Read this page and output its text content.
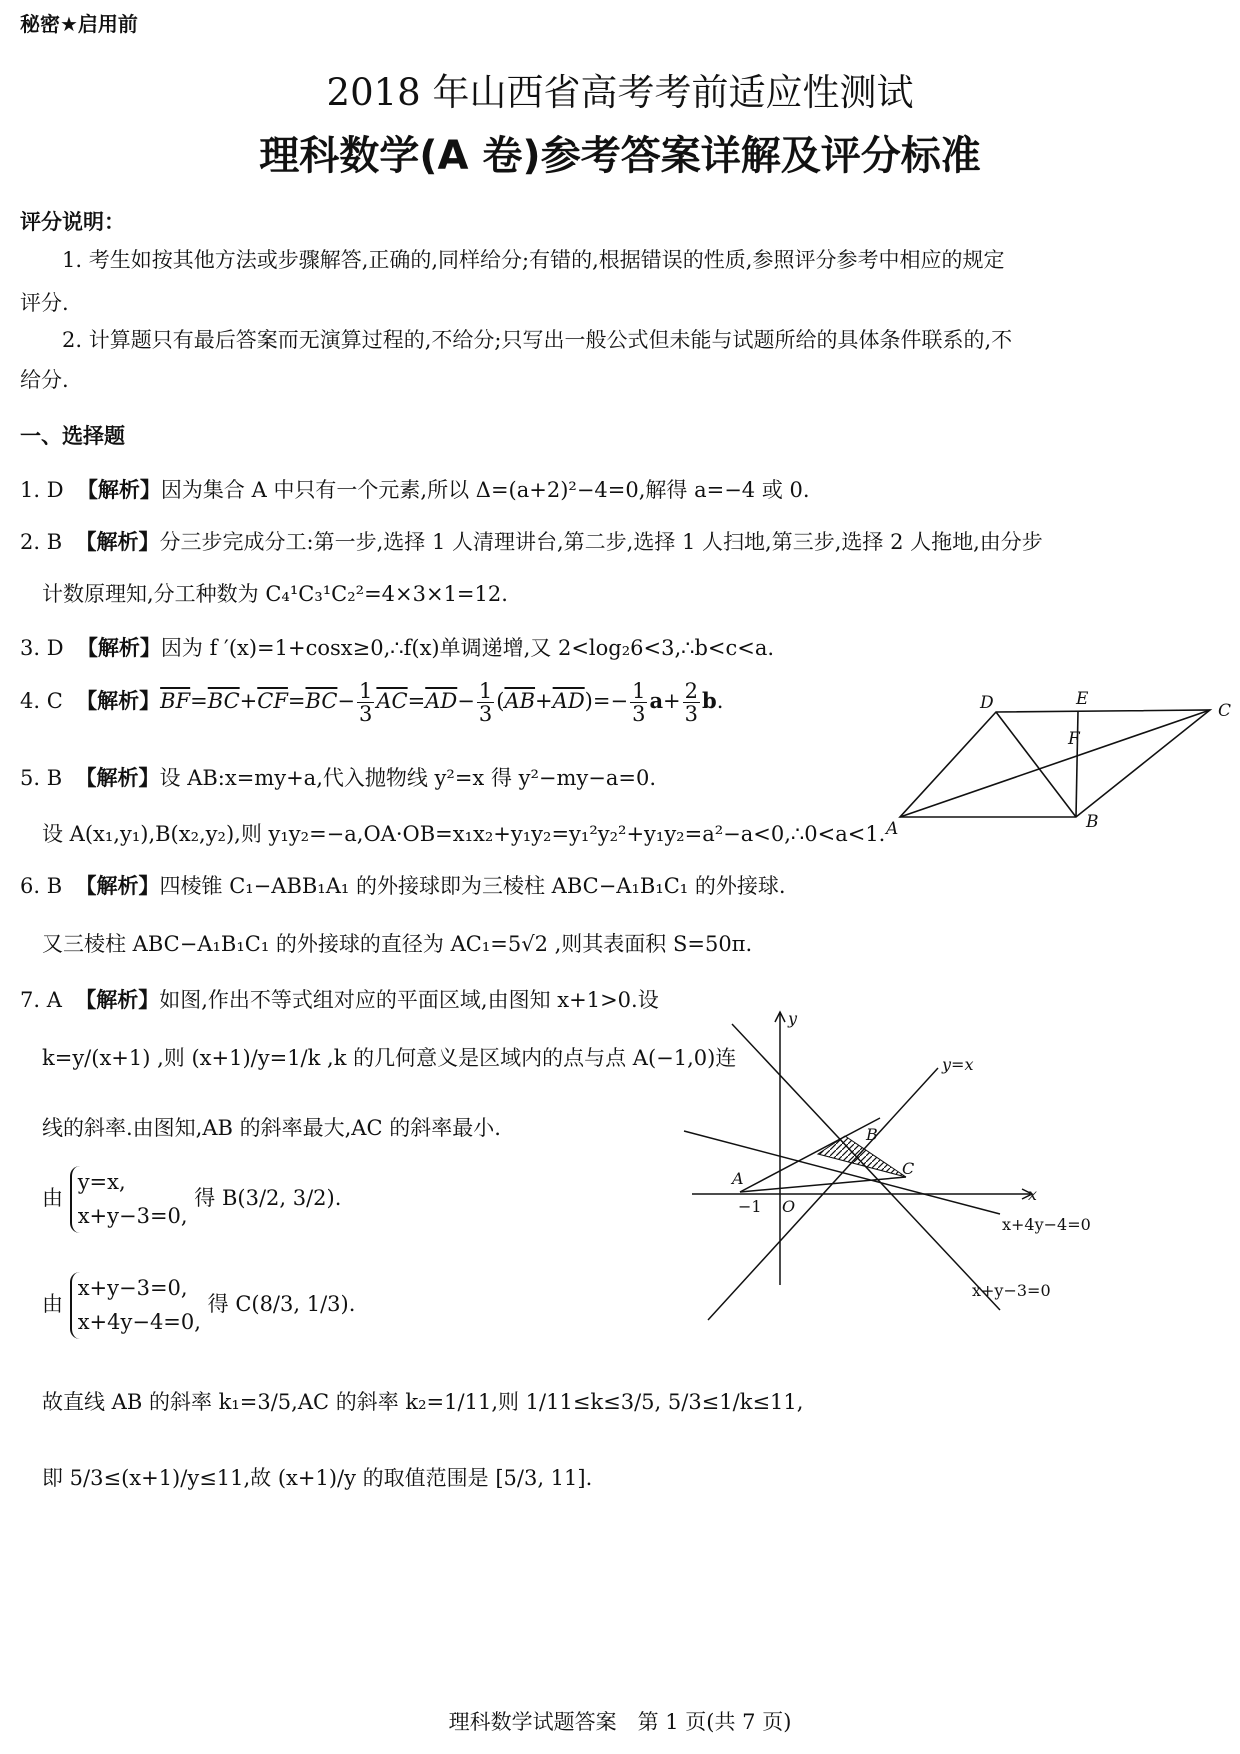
秘密★启用前
2018 年山西省高考考前适应性测试
理科数学(A 卷)参考答案详解及评分标准
评分说明：
1. 考生如按其他方法或步骤解答,正确的,同样给分;有错的,根据错误的性质,参照评分参考中相应的规定
评分.
2. 计算题只有最后答案而无演算过程的,不给分;只写出一般公式但未能与试题所给的具体条件联系的,不
给分.
一、选择题
1. D 【解析】因为集合 A 中只有一个元素,所以 Δ=(a+2)²−4=0,解得 a=−4 或 0.
2. B 【解析】分三步完成分工:第一步,选择 1 人清理讲台,第二步,选择 1 人扫地,第三步,选择 2 人拖地,由分步
计数原理知,分工种数为 C₄¹C₃¹C₂²=4×3×1=12.
3. D 【解析】因为 f ′(x)=1+cosx≥0,∴f(x)单调递增,又 2<log₂6<3,∴b<c<a.
4. C 【解析】$\overline{BF}=\overline{BC}+\overline{CF}=\overline{BC}- \frac{1}{3} \overline{AC}=\overline{AD}- \frac{1}{3} (\overline{AB}+\overline{AD})=- \frac{1}{3} a+ \frac{2}{3} b$.
5. B 【解析】设 AB:x=my+a,代入抛物线 y²=x 得 y²−my−a=0.
设 A(x₁,y₁),B(x₂,y₂),则 y₁y₂=−a,OA·OB=x₁x₂+y₁y₂=y₁²y₂²+y₁y₂=a²−a<0,∴0<a<1.
6. B 【解析】四棱锥 C₁−ABB₁A₁ 的外接球即为三棱柱 ABC−A₁B₁C₁ 的外接球.
又三棱柱 ABC−A₁B₁C₁ 的外接球的直径为 AC₁=5√2 ,则其表面积 S=50π.
7. A 【解析】如图,作出不等式组对应的平面区域,由图知 x+1>0.设
k=y/(x+1) ,则 (x+1)/y=1/k ,k 的几何意义是区域内的点与点 A(−1,0)连
线的斜率.由图知,AB 的斜率最大,AC 的斜率最小.
由 y=x,
x+y−3=0, 得 B(3/2, 3/2).
由 x+y−3=0,
x+4y−4=0, 得 C(8/3, 1/3).
故直线 AB 的斜率 k₁=3/5,AC 的斜率 k₂=1/11,则 1/11≤k≤3/5, 5/3≤1/k≤11,
即 5/3≤(x+1)/y≤11,故 (x+1)/y 的取值范围是 [5/3, 11].
D	E
C
F
A	B
y
y=x
B
A
C
−1 O
x
x+4y−4=0
x+y−3=0
理科数学试题答案　第 1 页(共 7 页)
